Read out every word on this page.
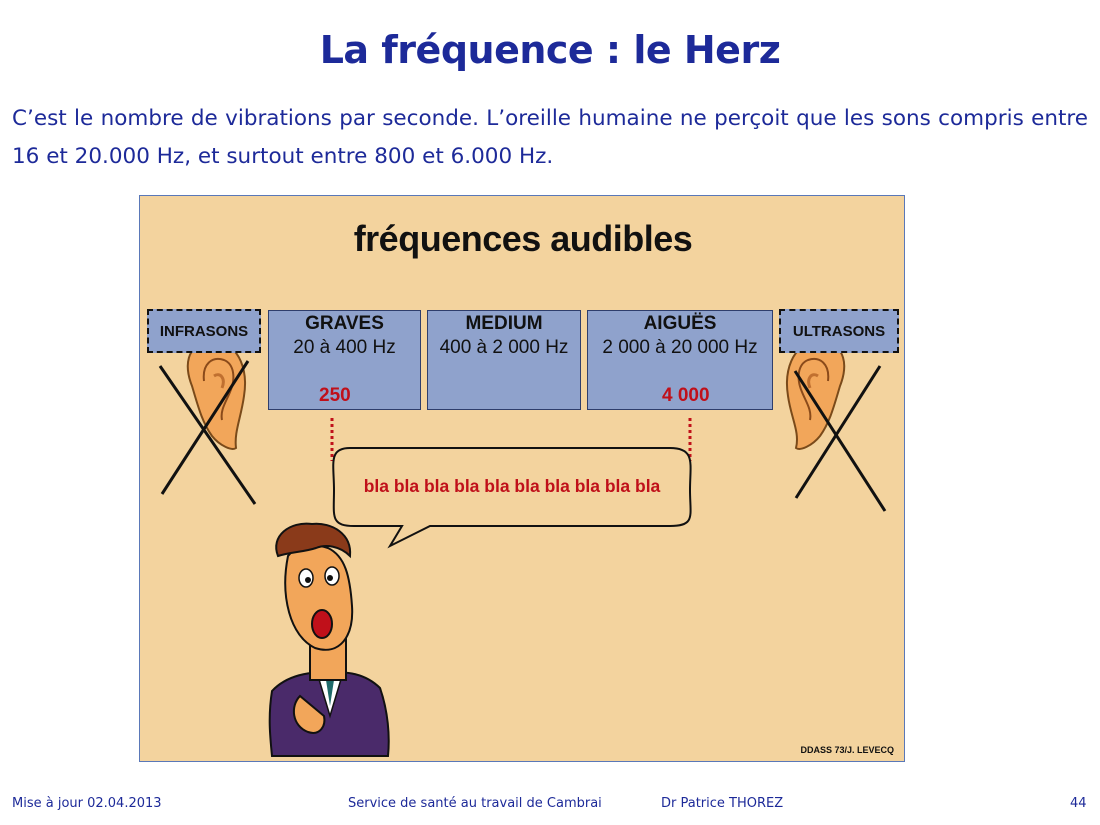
La fréquence : le Herz
C’est le nombre de vibrations par seconde. L’oreille humaine ne perçoit que les sons compris entre 16 et 20.000 Hz, et surtout entre 800 et 6.000 Hz.
fréquences audibles
INFRASONS	ULTRASONS
GRAVES
20 à 400 Hz
250
MEDIUM
400 à 2 000 Hz
AIGUËS
2 000 à 20 000 Hz
4 000
bla bla bla bla bla bla bla bla bla bla
DDASS 73/J. LEVECQ
Mise à jour 02.04.2013	Service de santé au travail de Cambrai	Dr Patrice THOREZ	44
